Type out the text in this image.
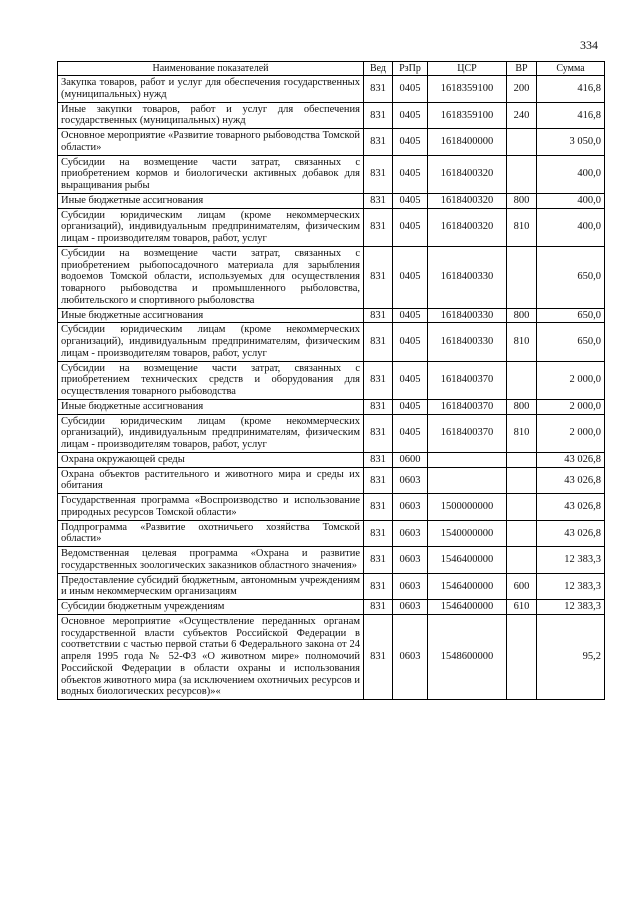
334
Наименование показателей	Вед	РзПр	ЦСР	ВР	Сумма
Закупка товаров, работ и услуг для обеспечения государственных (муниципальных) нужд	831	0405	1618359100	200	416,8
Иные закупки товаров, работ и услуг для обеспечения государственных (муниципальных) нужд	831	0405	1618359100	240	416,8
Основное мероприятие «Развитие товарного рыбоводства Томской области»	831	0405	1618400000		3 050,0
Субсидии на возмещение части затрат, связанных с приобретением кормов и биологически активных добавок для выращивания рыбы	831	0405	1618400320		400,0
Иные бюджетные ассигнования	831	0405	1618400320	800	400,0
Субсидии юридическим лицам (кроме некоммерческих организаций), индивидуальным предпринимателям, физическим лицам - производителям товаров, работ, услуг	831	0405	1618400320	810	400,0
Субсидии на возмещение части затрат, связанных с приобретением рыбопосадочного материала для зарыбления водоемов Томской области, используемых для осуществления товарного рыбоводства и промышленного рыболовства, любительского и спортивного рыболовства	831	0405	1618400330		650,0
Иные бюджетные ассигнования	831	0405	1618400330	800	650,0
Субсидии юридическим лицам (кроме некоммерческих организаций), индивидуальным предпринимателям, физическим лицам - производителям товаров, работ, услуг	831	0405	1618400330	810	650,0
Субсидии на возмещение части затрат, связанных с приобретением технических средств и оборудования для осуществления товарного рыбоводства	831	0405	1618400370		2 000,0
Иные бюджетные ассигнования	831	0405	1618400370	800	2 000,0
Субсидии юридическим лицам (кроме некоммерческих организаций), индивидуальным предпринимателям, физическим лицам - производителям товаров, работ, услуг	831	0405	1618400370	810	2 000,0
Охрана окружающей среды	831	0600			43 026,8
Охрана объектов растительного и животного мира и среды их обитания	831	0603			43 026,8
Государственная программа «Воспроизводство и использование природных ресурсов Томской области»	831	0603	1500000000		43 026,8
Подпрограмма «Развитие охотничьего хозяйства Томской области»	831	0603	1540000000		43 026,8
Ведомственная целевая программа «Охрана и развитие государственных зоологических заказников областного значения»	831	0603	1546400000		12 383,3
Предоставление субсидий бюджетным, автономным учреждениям и иным некоммерческим организациям	831	0603	1546400000	600	12 383,3
Субсидии бюджетным учреждениям	831	0603	1546400000	610	12 383,3
Основное мероприятие «Осуществление переданных органам государственной власти субъектов Российской Федерации в соответствии с частью первой статьи 6 Федерального закона от 24 апреля 1995 года № 52-ФЗ «О животном мире» полномочий Российской Федерации в области охраны и использования объектов животного мира (за исключением охотничьих ресурсов и водных биологических ресурсов)»«	831	0603	1548600000		95,2
